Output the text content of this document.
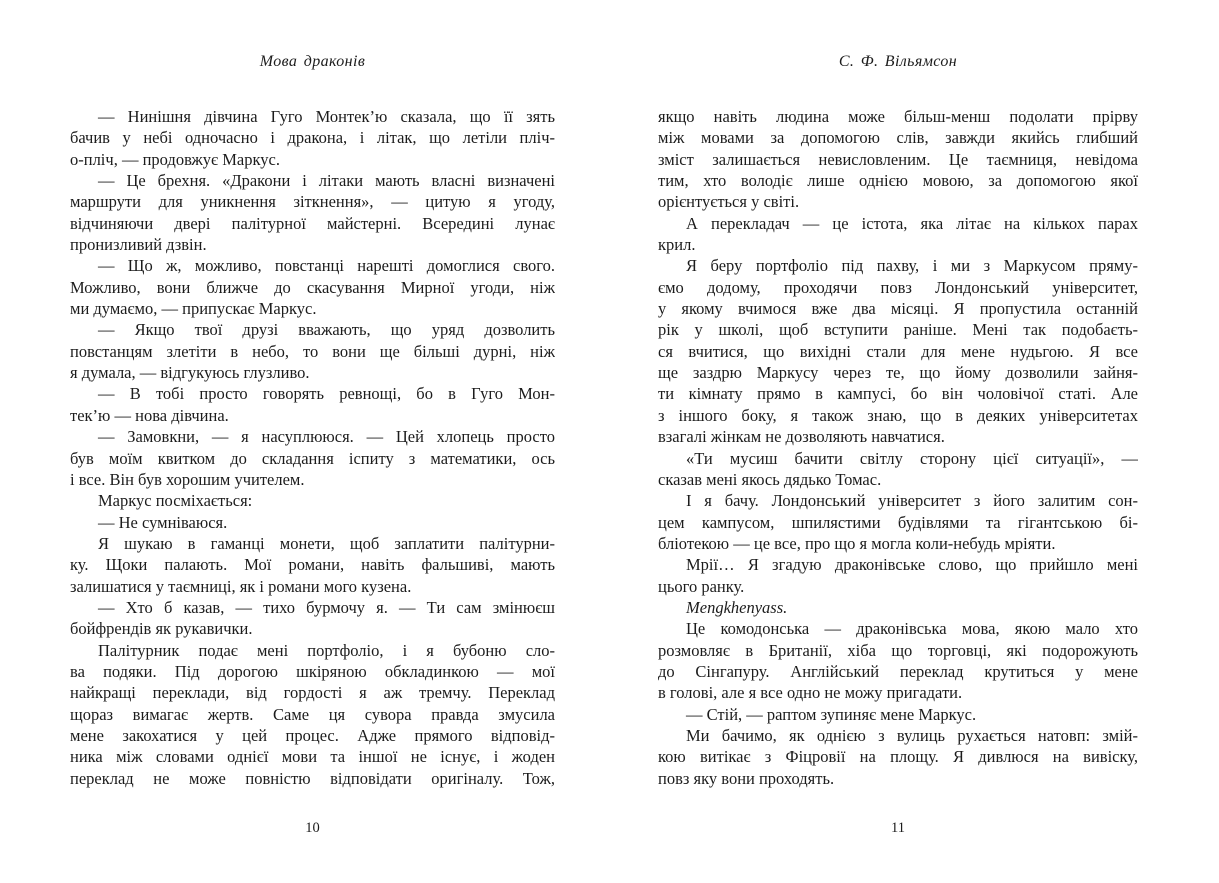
Мова драконів
— Нинішня дівчина Гуго Монтек’ю сказала, що її зять
бачив у небі одночасно і дракона, і літак, що летіли пліч-
о-пліч, — продовжує Маркус.
— Це брехня. «Дракони і літаки мають власні визначені
маршрути для уникнення зіткнення», — цитую я угоду,
відчиняючи двері палітурної майстерні. Всередині лунає
пронизливий дзвін.
— Що ж, можливо, повстанці нарешті домоглися свого.
Можливо, вони ближче до скасування Мирної угоди, ніж
ми думаємо, — припускає Маркус.
— Якщо твої друзі вважають, що уряд дозволить
повстанцям злетіти в небо, то вони ще більші дурні, ніж
я думала, — відгукуюсь глузливо.
— В тобі просто говорять ревнощі, бо в Гуго Мон-
тек’ю — нова дівчина.
— Замовкни, — я насуплююся. — Цей хлопець просто
був моїм квитком до складання іспиту з математики, ось
і все. Він був хорошим учителем.
Маркус посміхається:
— Не сумніваюся.
Я шукаю в гаманці монети, щоб заплатити палітурни-
ку. Щоки палають. Мої романи, навіть фальшиві, мають
залишатися у таємниці, як і романи мого кузена.
— Хто б казав, — тихо бурмочу я. — Ти сам змінюєш
бойфрендів як рукавички.
Палітурник подає мені портфоліо, і я бубоню сло-
ва подяки. Під дорогою шкіряною обкладинкою — мої
найкращі переклади, від гордості я аж тремчу. Переклад
щораз вимагає жертв. Саме ця сувора правда змусила
мене закохатися у цей процес. Адже прямого відповід-
ника між словами однієї мови та іншої не існує, і жоден
переклад не може повністю відповідати оригіналу. Тож,
10
С. Ф. Вільямсон
якщо навіть людина може більш-менш подолати прірву
між мовами за допомогою слів, завжди якийсь глибший
зміст залишається невисловленим. Це таємниця, невідома
тим, хто володіє лише однією мовою, за допомогою якої
орієнтується у світі.
А перекладач — це істота, яка літає на кількох парах
крил.
Я беру портфоліо під пахву, і ми з Маркусом пряму-
ємо додому, проходячи повз Лондонський університет,
у якому вчимося вже два місяці. Я пропустила останній
рік у школі, щоб вступити раніше. Мені так подобаєть-
ся вчитися, що вихідні стали для мене нудьгою. Я все
ще заздрю Маркусу через те, що йому дозволили зайня-
ти кімнату прямо в кампусі, бо він чоловічої статі. Але
з іншого боку, я також знаю, що в деяких університетах
взагалі жінкам не дозволяють навчатися.
«Ти мусиш бачити світлу сторону цієї ситуації», —
сказав мені якось дядько Томас.
І я бачу. Лондонський університет з його залитим сон-
цем кампусом, шпилястими будівлями та гігантською бі-
бліотекою — це все, про що я могла коли-небудь мріяти.
Мрії… Я згадую драконівське слово, що прийшло мені
цього ранку.
Mengkhenyass.
Це комодонська — драконівська мова, якою мало хто
розмовляє в Британії, хіба що торговці, які подорожують
до Сінгапуру. Англійський переклад крутиться у мене
в голові, але я все одно не можу пригадати.
— Стій, — раптом зупиняє мене Маркус.
Ми бачимо, як однією з вулиць рухається натовп: змій-
кою витікає з Фіцровії на площу. Я дивлюся на вивіску,
повз яку вони проходять.
11
